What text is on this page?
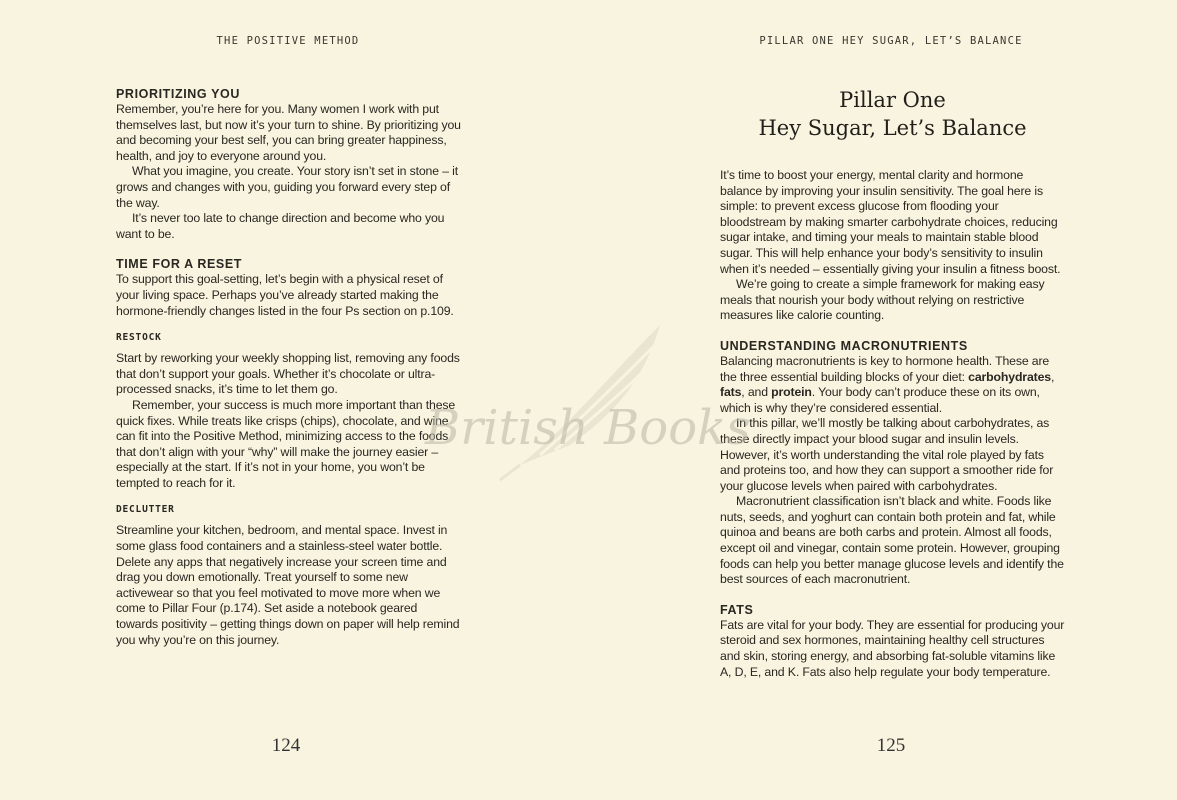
THE POSITIVE METHOD
PRIORITIZING YOU

Remember, you’re here for you. Many women I work with put themselves last, but now it’s your turn to shine. By prioritizing you and becoming your best self, you can bring greater happiness, health, and joy to everyone around you.

What you imagine, you create. Your story isn’t set in stone – it grows and changes with you, guiding you forward every step of the way.

It’s never too late to change direction and become who you want to be.

TIME FOR A RESET

To support this goal-setting, let’s begin with a physical reset of your living space. Perhaps you’ve already started making the hormone-friendly changes listed in the four Ps section on p.109.

RESTOCK

Start by reworking your weekly shopping list, removing any foods that don’t support your goals. Whether it’s chocolate or ultra-processed snacks, it’s time to let them go.

Remember, your success is much more important than these quick fixes. While treats like crisps (chips), chocolate, and wine can fit into the Positive Method, minimizing access to the foods that don’t align with your “why” will make the journey easier – especially at the start. If it’s not in your home, you won’t be tempted to reach for it.

DECLUTTER

Streamline your kitchen, bedroom, and mental space. Invest in some glass food containers and a stainless-steel water bottle. Delete any apps that negatively increase your screen time and drag you down emotionally. Treat yourself to some new activewear so that you feel motivated to move more when we come to Pillar Four (p.174). Set aside a notebook geared towards positivity – getting things down on paper will help remind you why you’re on this journey.

124
PILLAR ONE HEY SUGAR, LET’S BALANCE
Pillar One
Hey Sugar, Let’s Balance

It’s time to boost your energy, mental clarity and hormone balance by improving your insulin sensitivity. The goal here is simple: to prevent excess glucose from flooding your bloodstream by making smarter carbohydrate choices, reducing sugar intake, and timing your meals to maintain stable blood sugar. This will help enhance your body’s sensitivity to insulin when it’s needed – essentially giving your insulin a fitness boost.

We’re going to create a simple framework for making easy meals that nourish your body without relying on restrictive measures like calorie counting.

UNDERSTANDING MACRONUTRIENTS

Balancing macronutrients is key to hormone health. These are the three essential building blocks of your diet: carbohydrates, fats, and protein. Your body can’t produce these on its own, which is why they’re considered essential.

In this pillar, we’ll mostly be talking about carbohydrates, as these directly impact your blood sugar and insulin levels. However, it’s worth understanding the vital role played by fats and proteins too, and how they can support a smoother ride for your glucose levels when paired with carbohydrates.

Macronutrient classification isn’t black and white. Foods like nuts, seeds, and yoghurt can contain both protein and fat, while quinoa and beans are both carbs and protein. Almost all foods, except oil and vinegar, contain some protein. However, grouping foods can help you better manage glucose levels and identify the best sources of each macronutrient.

FATS

Fats are vital for your body. They are essential for producing your steroid and sex hormones, maintaining healthy cell structures and skin, storing energy, and absorbing fat-soluble vitamins like A, D, E, and K. Fats also help regulate your body temperature.

125
British Books
